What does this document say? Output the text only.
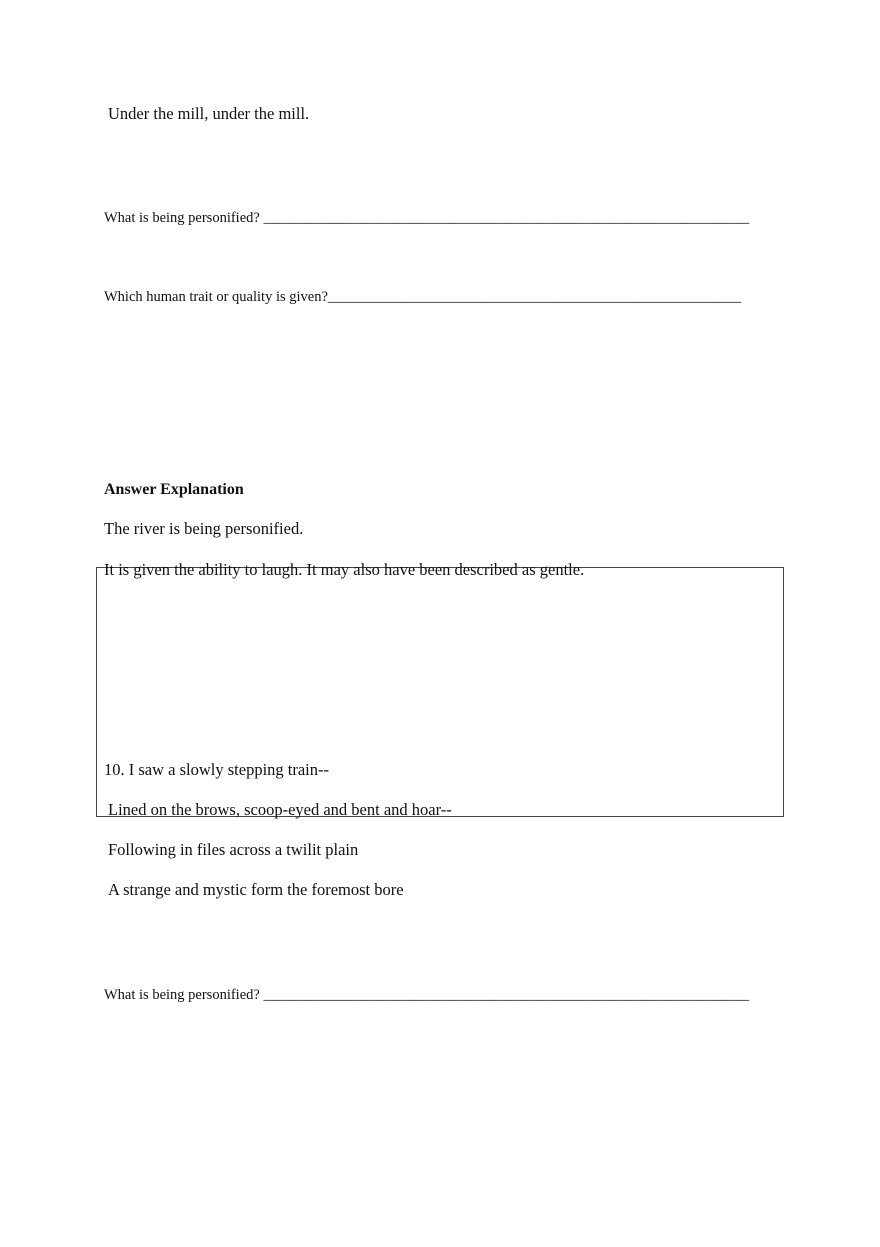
Under the mill, under the mill.
What is being personified? ___________________________________________________________________
Which human trait or quality is given?_________________________________________________________
Answer Explanation
The river is being personified.
It is given the ability to laugh. It may also have been described as gentle.
10. I saw a slowly stepping train--
Lined on the brows, scoop-eyed and bent and hoar--
Following in files across a twilit plain
A strange and mystic form the foremost bore
What is being personified? ___________________________________________________________________
